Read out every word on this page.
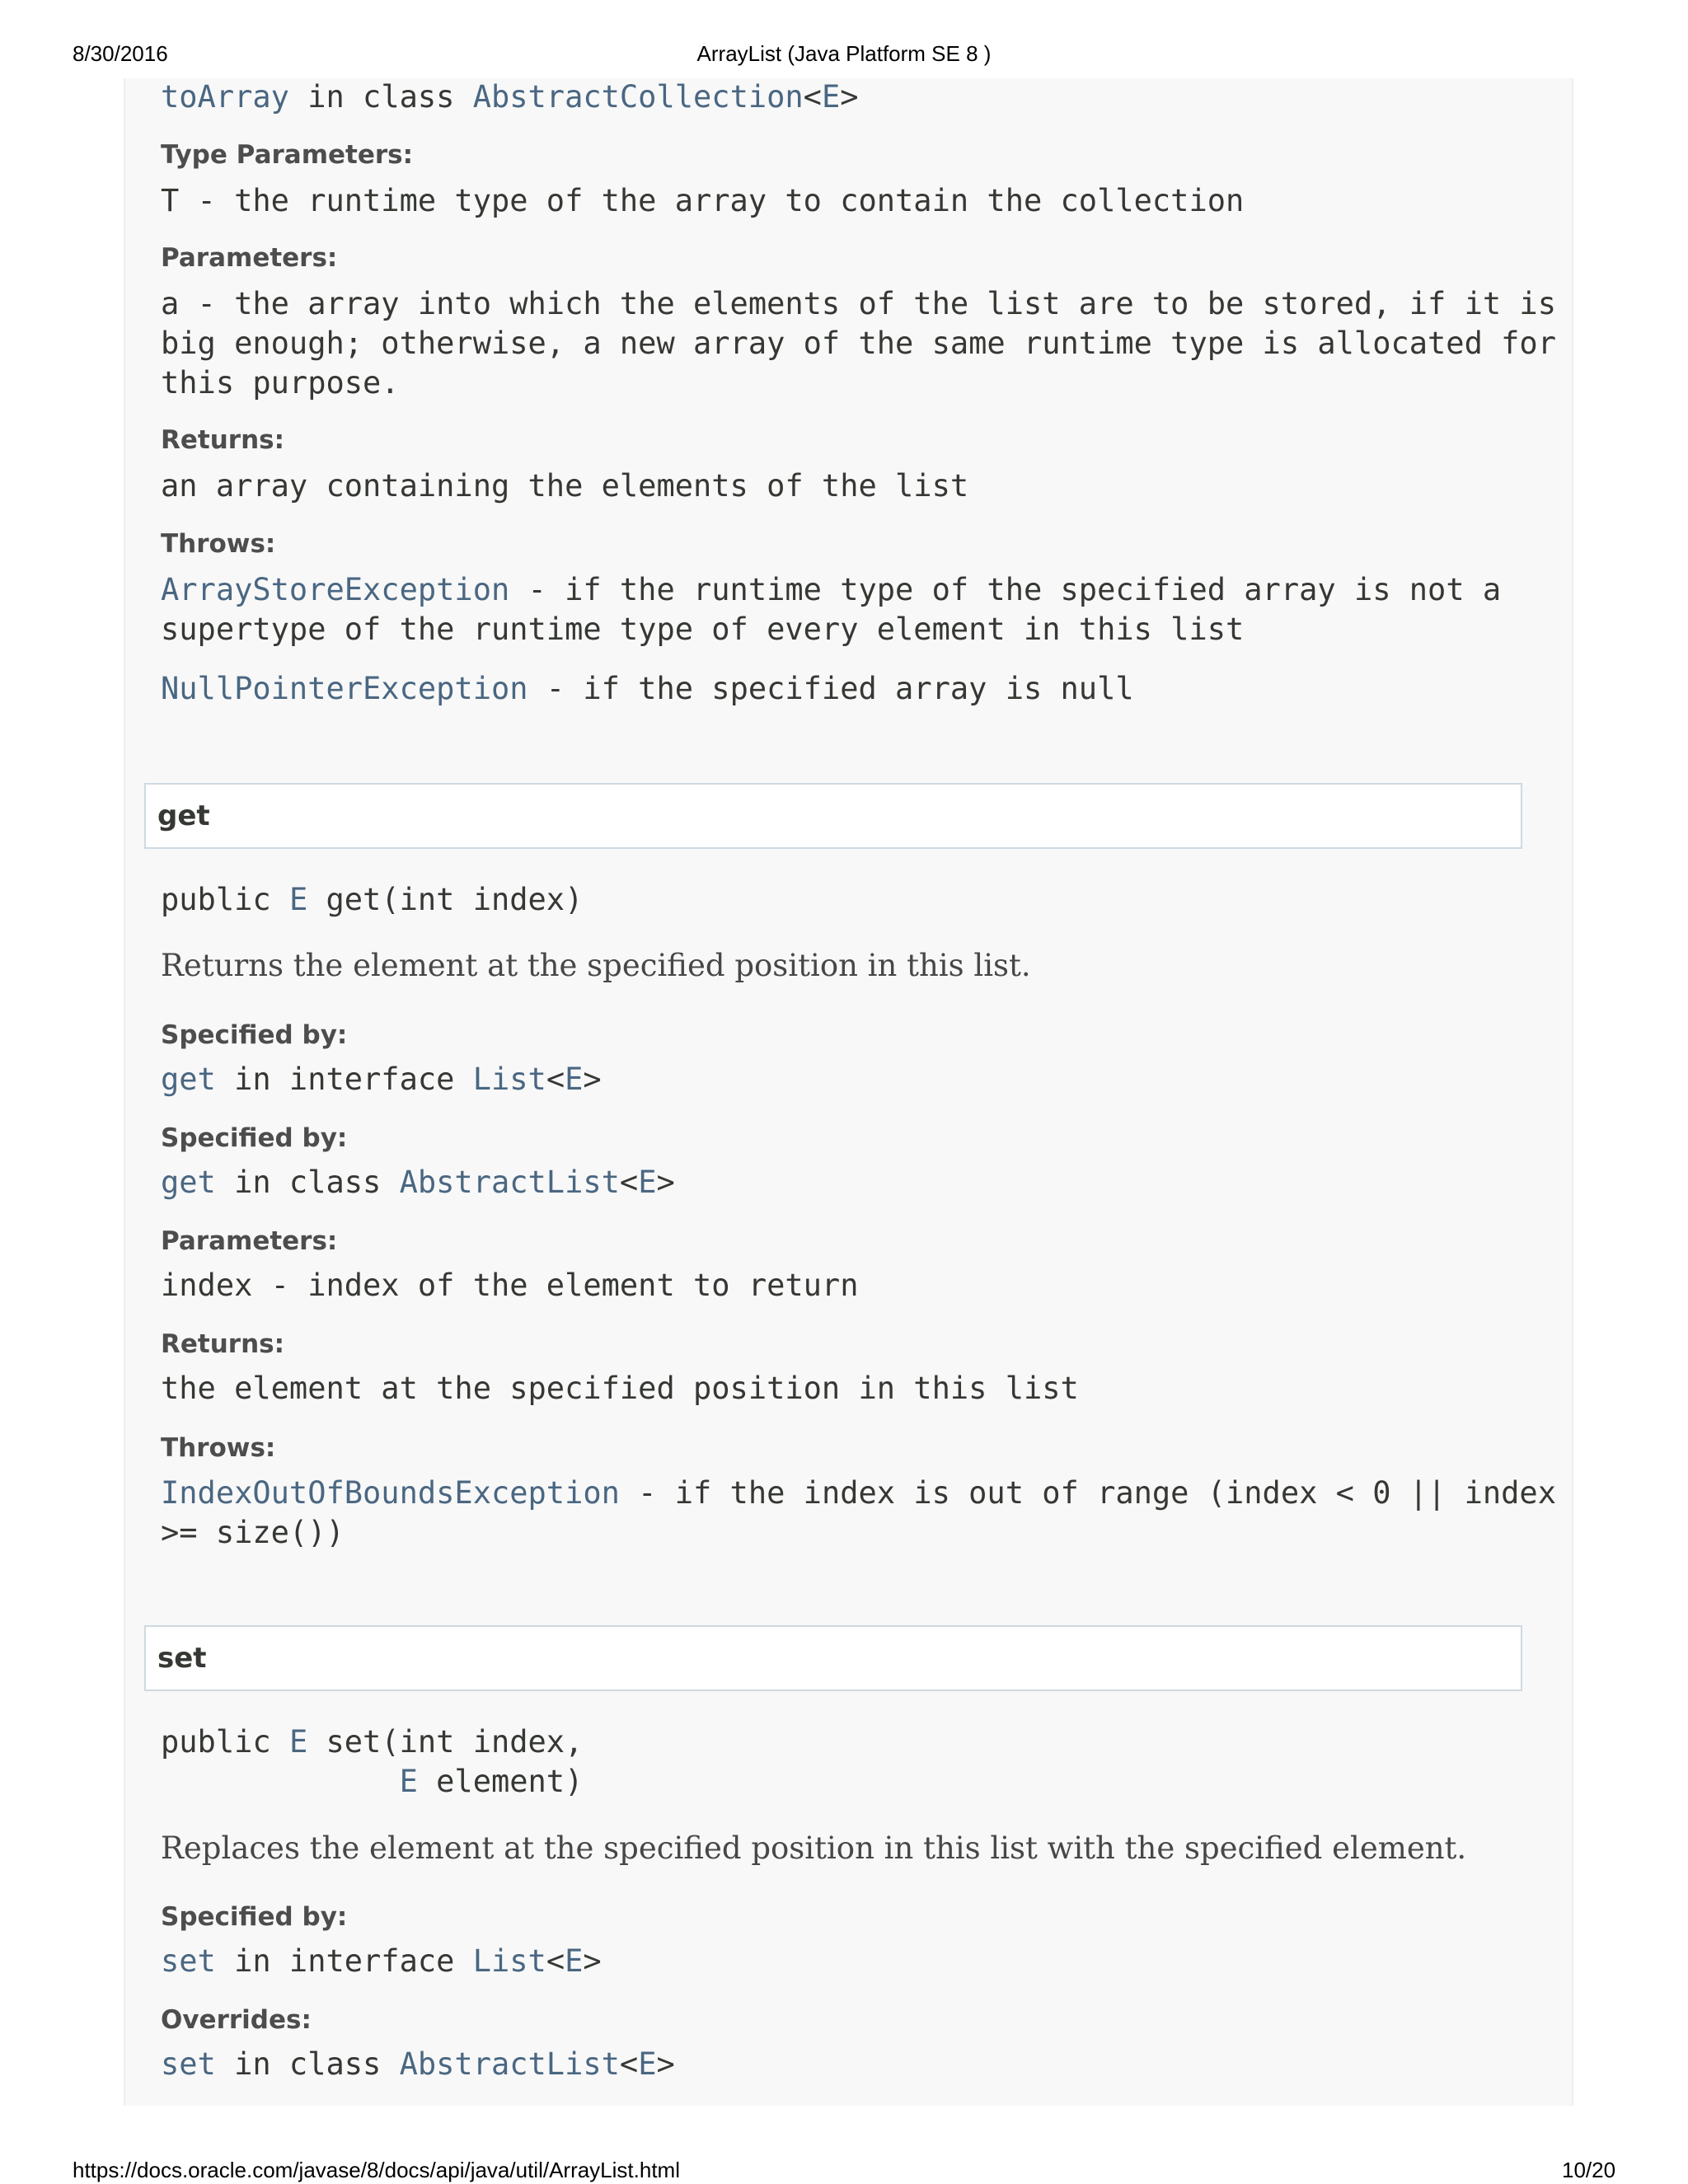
8/30/2016	ArrayList (Java Platform SE 8 )
toArray in class AbstractCollection<E>
Type Parameters:
T - the runtime type of the array to contain the collection
Parameters:
a - the array into which the elements of the list are to be stored, if it is
big enough; otherwise, a new array of the same runtime type is allocated for
this purpose.
Returns:
an array containing the elements of the list
Throws:
ArrayStoreException - if the runtime type of the specified array is not a
supertype of the runtime type of every element in this list
NullPointerException - if the specified array is null
get
public E get(int index)
Returns the element at the specified position in this list.
Specified by:
get in interface List<E>
Specified by:
get in class AbstractList<E>
Parameters:
index - index of the element to return
Returns:
the element at the specified position in this list
Throws:
IndexOutOfBoundsException - if the index is out of range (index < 0 || index
>= size())
set
public E set(int index,
E element)
Replaces the element at the specified position in this list with the specified element.
Specified by:
set in interface List<E>
Overrides:
set in class AbstractList<E>
https://docs.oracle.com/javase/8/docs/api/java/util/ArrayList.html	10/20
